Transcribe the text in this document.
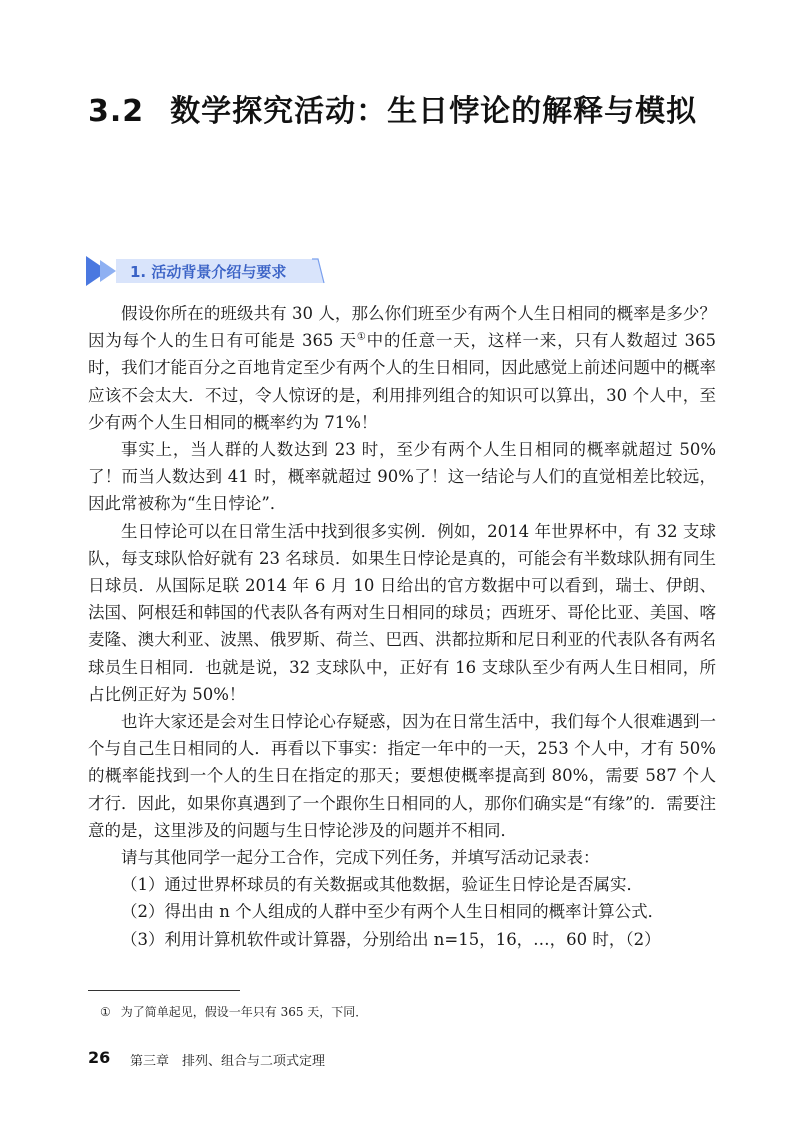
3.2 数学探究活动：生日悖论的解释与模拟
1. 活动背景介绍与要求

假设你所在的班级共有 30 人，那么你们班至少有两个人生日相同的概率是多少？因为每个人的生日有可能是 365 天①中的任意一天，这样一来，只有人数超过 365 时，我们才能百分之百地肯定至少有两个人的生日相同，因此感觉上前述问题中的概率应该不会太大．不过，令人惊讶的是，利用排列组合的知识可以算出，30 个人中，至少有两个人生日相同的概率约为 71%！

事实上，当人群的人数达到 23 时，至少有两个人生日相同的概率就超过 50%了！而当人数达到 41 时，概率就超过 90%了！这一结论与人们的直觉相差比较远，因此常被称为“生日悖论”．

生日悖论可以在日常生活中找到很多实例．例如，2014 年世界杯中，有 32 支球队，每支球队恰好就有 23 名球员．如果生日悖论是真的，可能会有半数球队拥有同生日球员．从国际足联 2014 年 6 月 10 日给出的官方数据中可以看到，瑞士、伊朗、法国、阿根廷和韩国的代表队各有两对生日相同的球员；西班牙、哥伦比亚、美国、喀麦隆、澳大利亚、波黑、俄罗斯、荷兰、巴西、洪都拉斯和尼日利亚的代表队各有两名球员生日相同．也就是说，32 支球队中，正好有 16 支球队至少有两人生日相同，所占比例正好为 50%！

也许大家还是会对生日悖论心存疑惑，因为在日常生活中，我们每个人很难遇到一个与自己生日相同的人．再看以下事实：指定一年中的一天，253 个人中，才有 50%的概率能找到一个人的生日在指定的那天；要想使概率提高到 80%，需要 587 个人才行．因此，如果你真遇到了一个跟你生日相同的人，那你们确实是“有缘”的．需要注意的是，这里涉及的问题与生日悖论涉及的问题并不相同．

请与其他同学一起分工合作，完成下列任务，并填写活动记录表：

（1）通过世界杯球员的有关数据或其他数据，验证生日悖论是否属实．

（2）得出由 n 个人组成的人群中至少有两个人生日相同的概率计算公式．

（3）利用计算机软件或计算器，分别给出 n=15，16，…，60 时，（2）

① 为了简单起见，假设一年只有 365 天，下同．
26 第三章　排列、组合与二项式定理
